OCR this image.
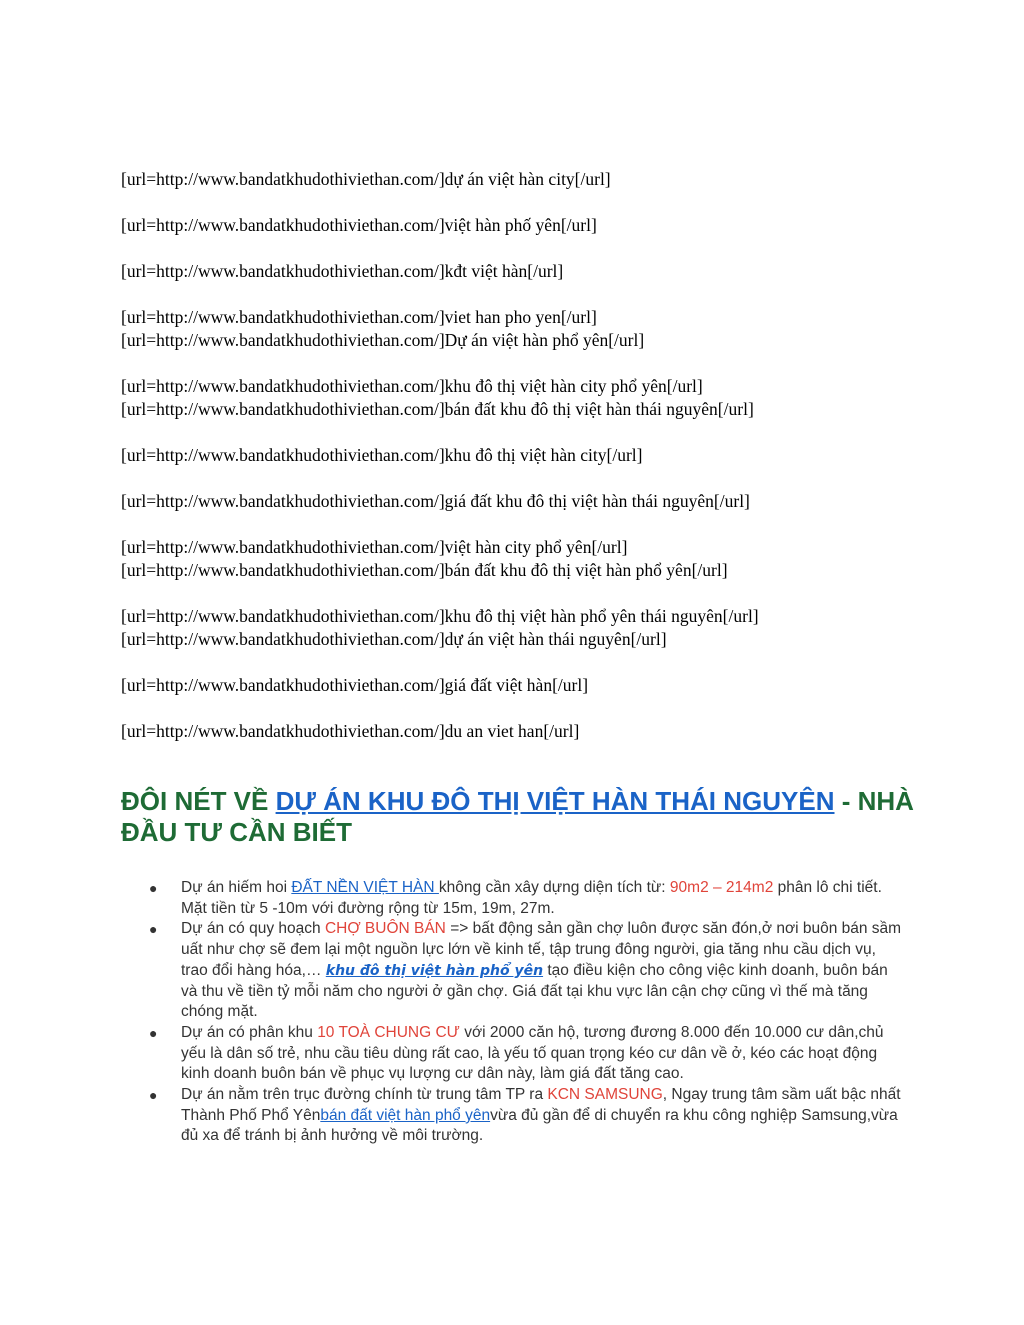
[url=http://www.bandatkhudothiviethan.com/]dự án việt hàn city[/url]
[url=http://www.bandatkhudothiviethan.com/]việt hàn phố yên[/url]
[url=http://www.bandatkhudothiviethan.com/]kđt việt hàn[/url]
[url=http://www.bandatkhudothiviethan.com/]viet han pho yen[/url]
[url=http://www.bandatkhudothiviethan.com/]Dự án việt hàn phổ yên[/url]
[url=http://www.bandatkhudothiviethan.com/]khu đô thị việt hàn city phổ yên[/url]
[url=http://www.bandatkhudothiviethan.com/]bán đất khu đô thị việt hàn thái nguyên[/url]
[url=http://www.bandatkhudothiviethan.com/]khu đô thị việt hàn city[/url]
[url=http://www.bandatkhudothiviethan.com/]giá đất khu đô thị việt hàn thái nguyên[/url]
[url=http://www.bandatkhudothiviethan.com/]việt hàn city phổ yên[/url]
[url=http://www.bandatkhudothiviethan.com/]bán đất khu đô thị việt hàn phổ yên[/url]
[url=http://www.bandatkhudothiviethan.com/]khu đô thị việt hàn phổ yên thái nguyên[/url]
[url=http://www.bandatkhudothiviethan.com/]dự án việt hàn thái nguyên[/url]
[url=http://www.bandatkhudothiviethan.com/]giá đất việt hàn[/url]
[url=http://www.bandatkhudothiviethan.com/]du an viet han[/url]
ĐÔI NÉT VỀ DỰ ÁN KHU ĐÔ THỊ VIỆT HÀN THÁI NGUYÊN - NHÀ ĐẦU TƯ CẦN BIẾT
● Dự án hiếm hoi ĐẤT NỀN VIỆT HÀN không cần xây dựng diện tích từ: 90m2 – 214m2 phân lô chi tiết. Mặt tiền từ 5 -10m với đường rộng từ 15m, 19m, 27m.
● Dự án có quy hoạch CHỢ BUÔN BÁN => bất động sản gần chợ luôn được săn đón,ở nơi buôn bán sầm uất như chợ sẽ đem lại một nguồn lực lớn về kinh tế, tập trung đông người, gia tăng nhu cầu dịch vụ, trao đổi hàng hóa,… khu đô thị việt hàn phổ yên tạo điều kiện cho công việc kinh doanh, buôn bán và thu về tiền tỷ mỗi năm cho người ở gần chợ. Giá đất tại khu vực lân cận chợ cũng vì thế mà tăng chóng mặt.
● Dự án có phân khu 10 TOÀ CHUNG CƯ với 2000 căn hộ, tương đương 8.000 đến 10.000 cư dân,chủ yếu là dân số trẻ, nhu cầu tiêu dùng rất cao, là yếu tố quan trọng kéo cư dân về ở, kéo các hoạt động kinh doanh buôn bán về phục vụ lượng cư dân này, làm giá đất tăng cao.
● Dự án nằm trên trục đường chính từ trung tâm TP ra KCN SAMSUNG, Ngay trung tâm sầm uất bậc nhất Thành Phố Phổ Yênbán đất việt hàn phổ yênvừa đủ gần để di chuyển ra khu công nghiệp Samsung,vừa đủ xa để tránh bị ảnh hưởng về môi trường.
